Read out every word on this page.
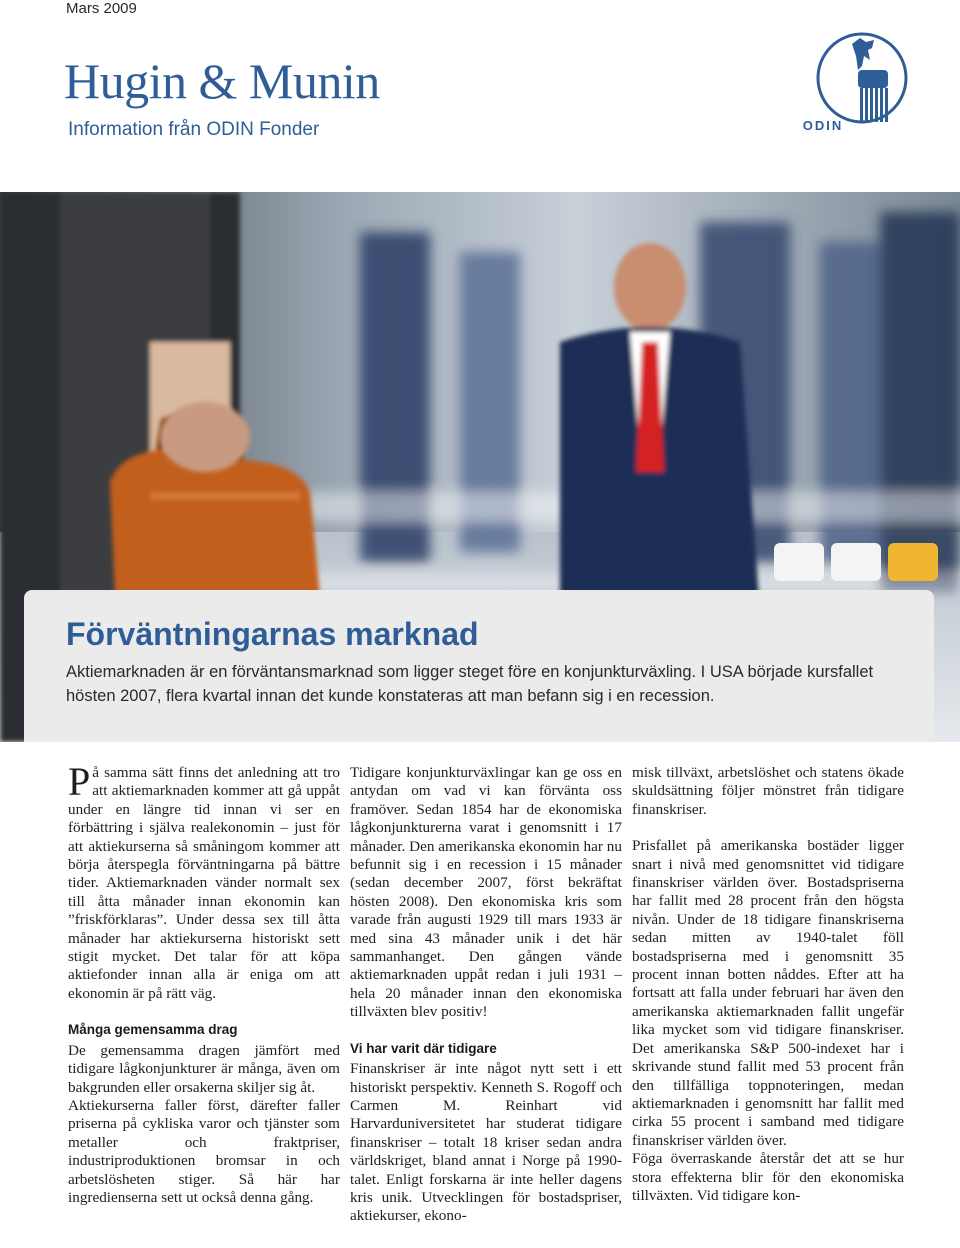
Mars 2009
Hugin & Munin
Information från ODIN Fonder	ODIN
Förväntningarnas marknad

Aktiemarknaden är en förväntansmarknad som ligger steget före en konjunkturväxling. I USA började kursfallet hösten 2007, flera kvartal innan det kunde konstateras att man befann sig i en recession.

På samma sätt finns det anledning att tro att aktiemarknaden kommer att gå uppåt under en längre tid innan vi ser en förbättring i själva realekonomin – just för att aktiekurserna så småningom kommer att börja återspegla förväntningarna på bättre tider. Aktiemarknaden vänder normalt sex till åtta månader innan ekonomin kan ”friskförklaras”. Under dessa sex till åtta månader har aktiekurserna historiskt sett stigit mycket. Det talar för att köpa aktiefonder innan alla är eniga om att ekonomin är på rätt väg.

Många gemensamma drag

De gemensamma dragen jämfört med tidigare lågkonjunkturer är många, även om bakgrunden eller orsakerna skiljer sig åt.

Aktiekurserna faller först, därefter faller priserna på cykliska varor och tjänster som metaller och fraktpriser, industriproduktionen bromsar in och arbetslösheten stiger. Så här har ingredienserna sett ut också denna gång.

Tidigare konjunkturväxlingar kan ge oss en antydan om vad vi kan förvänta oss framöver. Sedan 1854 har de ekonomiska lågkonjunkturerna varat i genomsnitt i 17 månader. Den amerikanska ekonomin har nu befunnit sig i en recession i 15 månader (sedan december 2007, först bekräftat hösten 2008). Den ekonomiska kris som varade från augusti 1929 till mars 1933 är med sina 43 månader unik i det här sammanhanget. Den gången vände aktiemarknaden uppåt redan i juli 1931 – hela 20 månader innan den ekonomiska tillväxten blev positiv!

Vi har varit där tidigare

Finanskriser är inte något nytt sett i ett historiskt perspektiv. Kenneth S. Rogoff och Carmen M. Reinhart vid Harvarduniversitetet har studerat tidigare finanskriser – totalt 18 kriser sedan andra världskriget, bland annat i Norge på 1990-talet. Enligt forskarna är inte heller dagens kris unik. Utvecklingen för bostadspriser, aktiekurser, ekono-

misk tillväxt, arbetslöshet och statens ökade skuldsättning följer mönstret från tidigare finanskriser.

Prisfallet på amerikanska bostäder ligger snart i nivå med genomsnittet vid tidigare finanskriser världen över. Bostadspriserna har fallit med 28 procent från den högsta nivån. Under de 18 tidigare finanskriserna sedan mitten av 1940-talet föll bostadspriserna med i genomsnitt 35 procent innan botten nåddes. Efter att ha fortsatt att falla under februari har även den amerikanska aktiemarknaden fallit ungefär lika mycket som vid tidigare finanskriser. Det amerikanska S&P 500-indexet har i skrivande stund fallit med 53 procent från den tillfälliga toppnoteringen, medan aktiemarknaden i genomsnitt har fallit med cirka 55 procent i samband med tidigare finanskriser världen över.

Föga överraskande återstår det att se hur stora effekterna blir för den ekonomiska tillväxten. Vid tidigare kon-
